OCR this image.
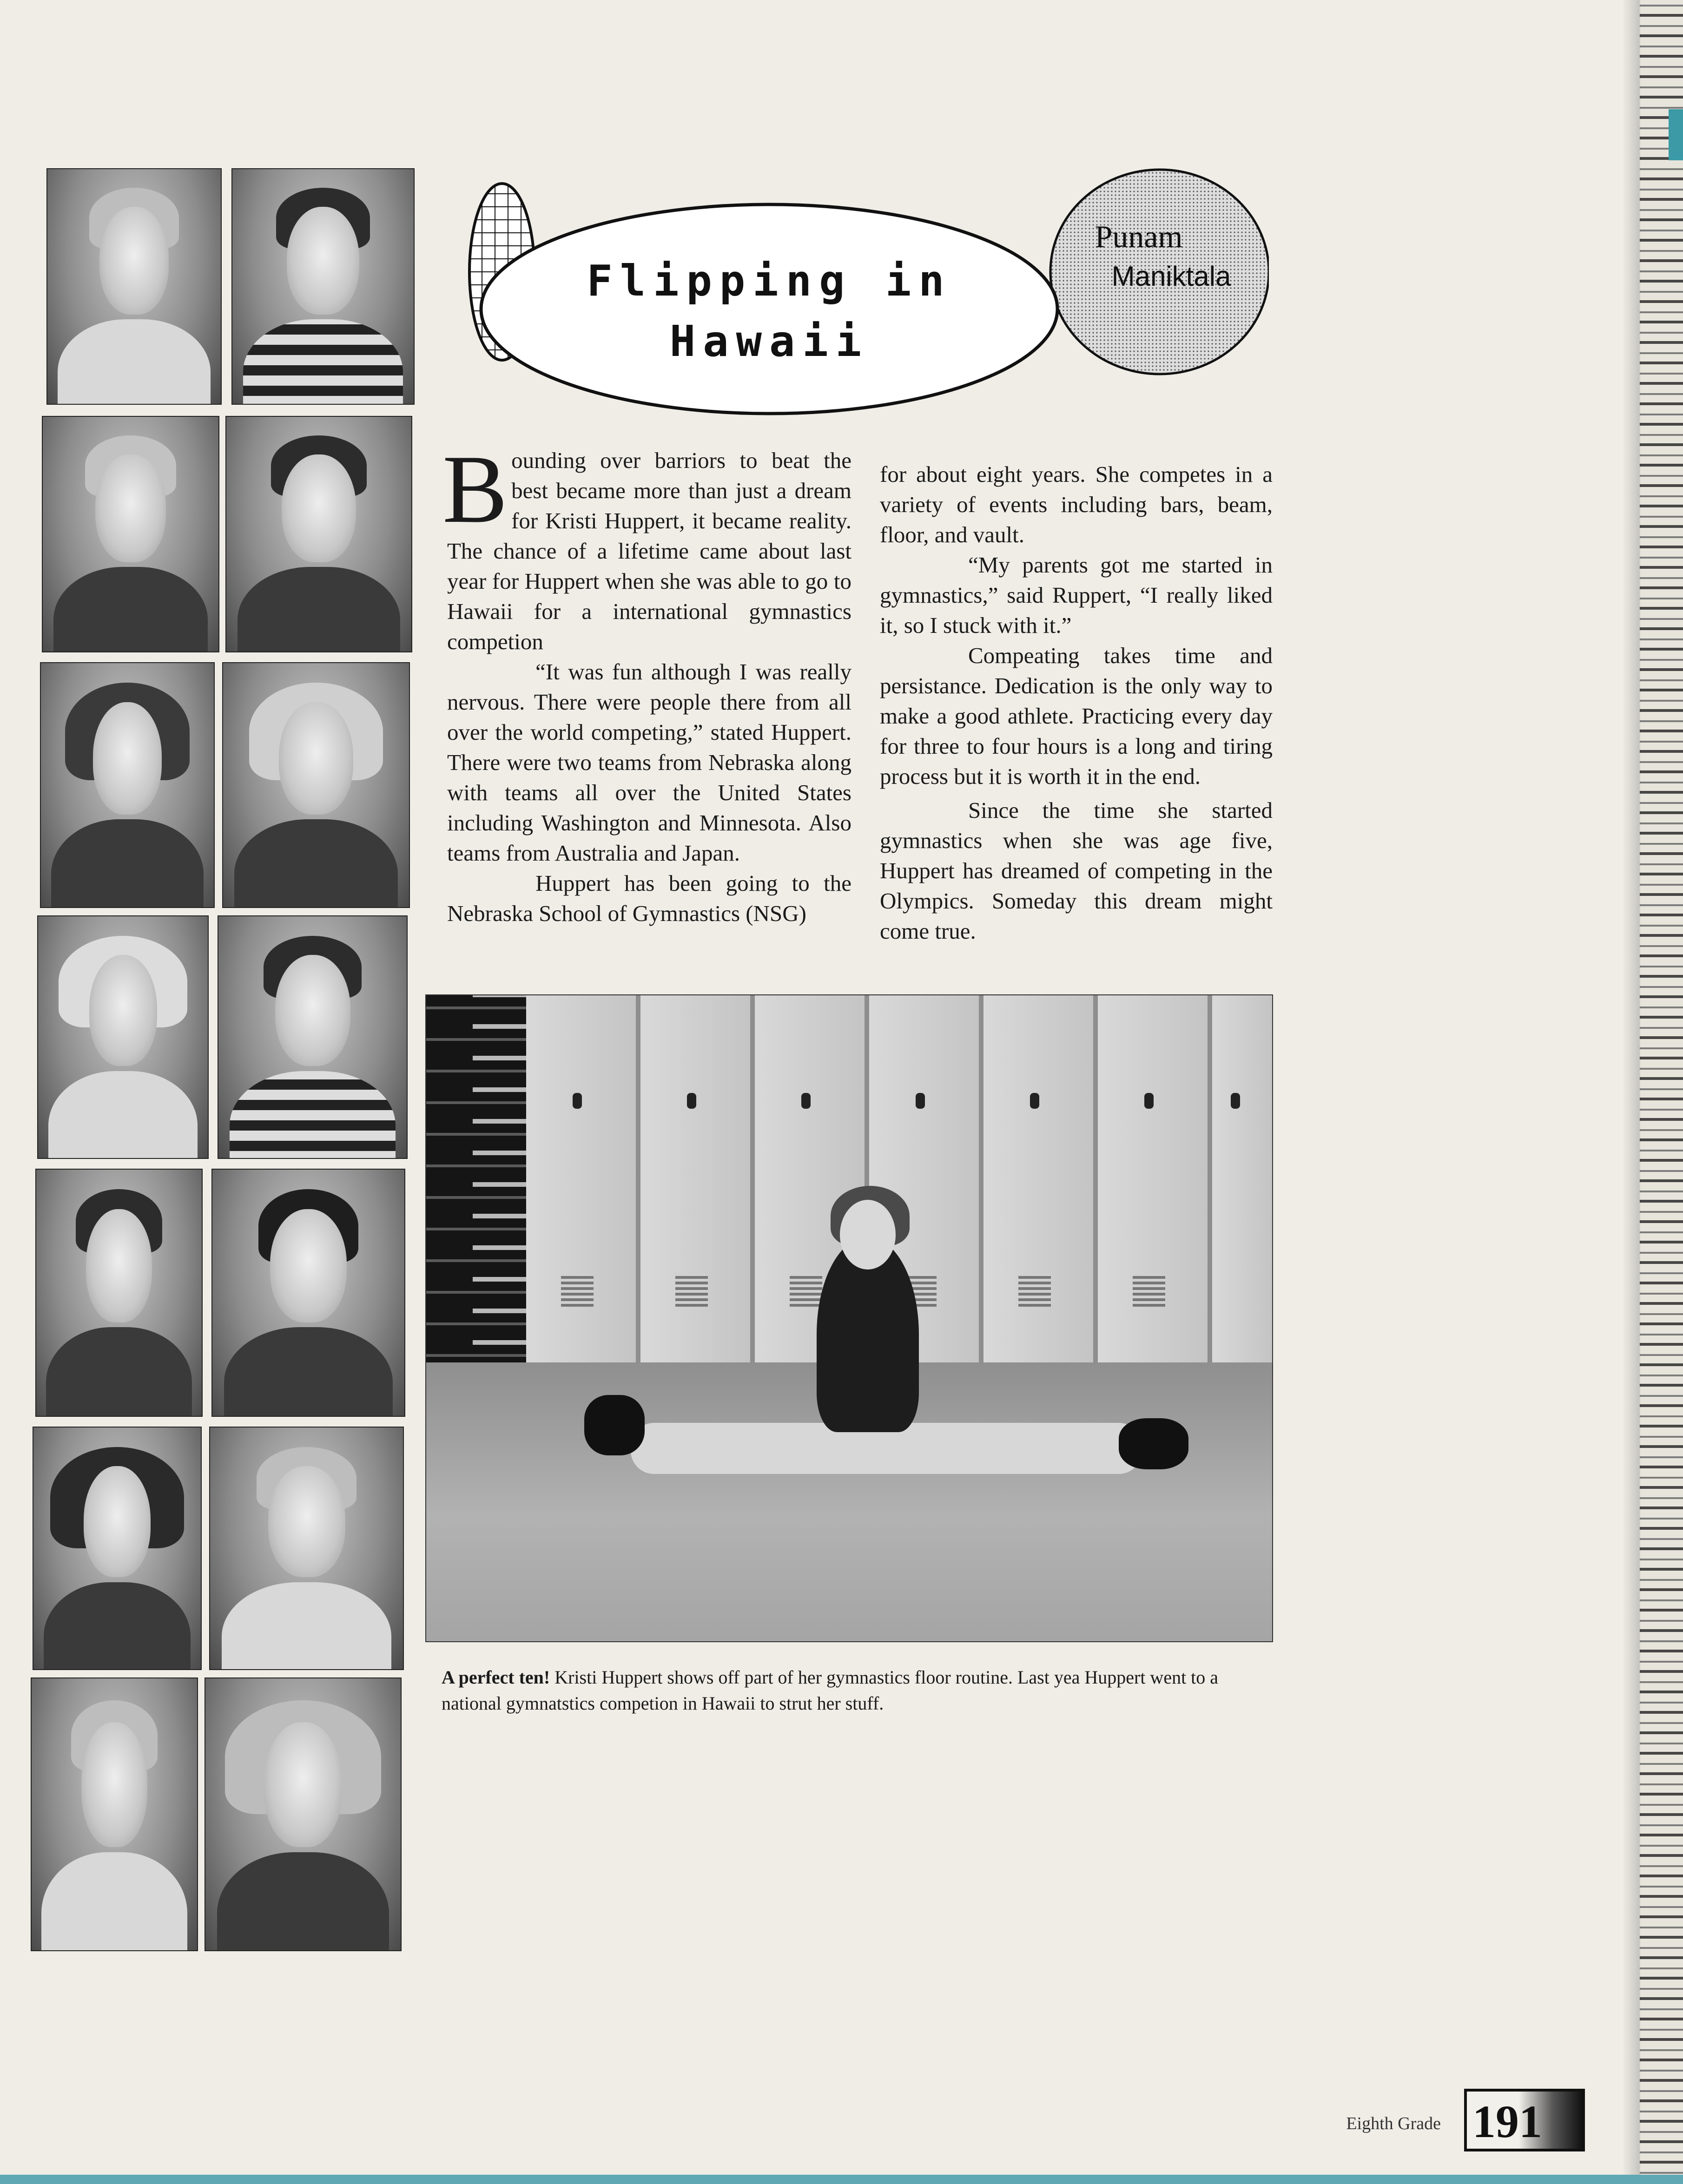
Flipping in
Hawaii
Punam
Maniktala

Bounding over barriors to beat the best became more than just a dream for Kristi Huppert, it became reality. The chance of a lifetime came about last year for Huppert when she was able to go to Hawaii for a international gymnastics competion

“It was fun although I was really nervous. There were people there from all over the world competing,” stated Huppert. There were two teams from Nebraska along with teams all over the United States including Washington and Minnesota. Also teams from Australia and Japan.

Huppert has been going to the Nebraska School of Gymnastics (NSG)

for about eight years. She competes in a variety of events including bars, beam, floor, and vault.

“My parents got me started in gymnastics,” said Ruppert, “I really liked it, so I stuck with it.”

Compeating takes time and persistance. Dedication is the only way to make a good athlete. Practicing every day for three to four hours is a long and tiring process but it is worth it in the end.

Since the time she started gymnastics when she was age five, Huppert has dreamed of competing in the Olympics. Someday this dream might come true.

A perfect ten! Kristi Huppert shows off part of her gymnastics floor routine. Last yea Huppert went to a national gymnatstics competion in Hawaii to strut her stuff.
Eighth Grade 191
